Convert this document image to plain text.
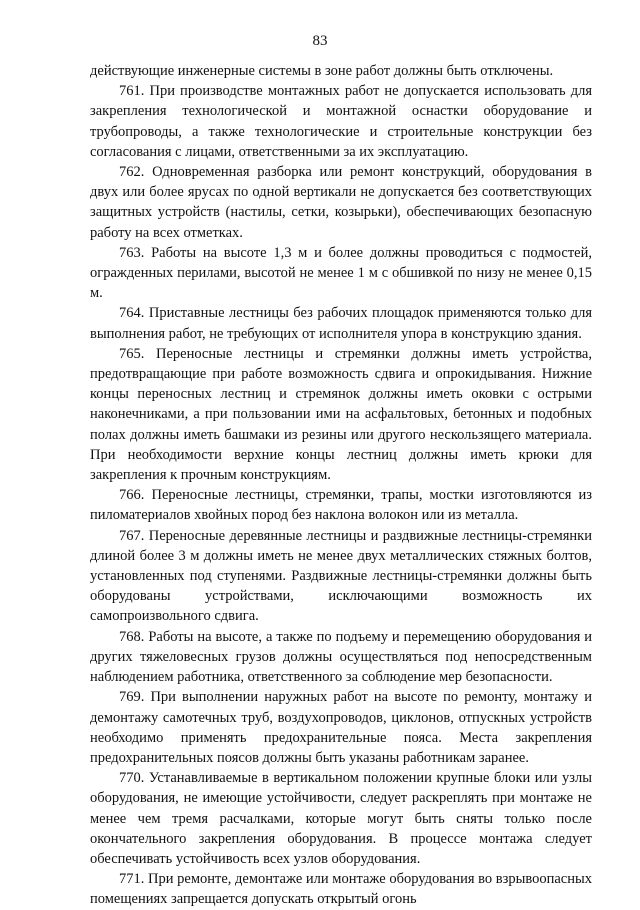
83

действующие инженерные системы в зоне работ должны быть отключены.

761. При производстве монтажных работ не допускается использовать для закрепления технологической и монтажной оснастки оборудование и трубопроводы, а также технологические и строительные конструкции без согласования с лицами, ответственными за их эксплуатацию.

762. Одновременная разборка или ремонт конструкций, оборудования в двух или более ярусах по одной вертикали не допускается без соответствующих защитных устройств (настилы, сетки, козырьки), обеспечивающих безопасную работу на всех отметках.

763. Работы на высоте 1,3 м и более должны проводиться с подмостей, огражденных перилами, высотой не менее 1 м с обшивкой по низу не менее 0,15 м.

764. Приставные лестницы без рабочих площадок применяются только для выполнения работ, не требующих от исполнителя упора в конструкцию здания.

765. Переносные лестницы и стремянки должны иметь устройства, предотвращающие при работе возможность сдвига и опрокидывания. Нижние концы переносных лестниц и стремянок должны иметь оковки с острыми наконечниками, а при пользовании ими на асфальтовых, бетонных и подобных полах должны иметь башмаки из резины или другого нескользящего материала. При необходимости верхние концы лестниц должны иметь крюки для закрепления к прочным конструкциям.

766. Переносные лестницы, стремянки, трапы, мостки изготовляются из пиломатериалов хвойных пород без наклона волокон или из металла.

767. Переносные деревянные лестницы и раздвижные лестницы-стремянки длиной более 3 м должны иметь не менее двух металлических стяжных болтов, установленных под ступенями. Раздвижные лестницы-стремянки должны быть оборудованы устройствами, исключающими возможность их самопроизвольного сдвига.

768. Работы на высоте, а также по подъему и перемещению оборудования и других тяжеловесных грузов должны осуществляться под непосредственным наблюдением работника, ответственного за соблюдение мер безопасности.

769. При выполнении наружных работ на высоте по ремонту, монтажу и демонтажу самотечных труб, воздухопроводов, циклонов, отпускных устройств необходимо применять предохранительные пояса. Места закрепления предохранительных поясов должны быть указаны работникам заранее.

770. Устанавливаемые в вертикальном положении крупные блоки или узлы оборудования, не имеющие устойчивости, следует раскреплять при монтаже не менее чем тремя расчалками, которые могут быть сняты только после окончательного закрепления оборудования. В процессе монтажа следует обеспечивать устойчивость всех узлов оборудования.

771. При ремонте, демонтаже или монтаже оборудования во взрывоопасных помещениях запрещается допускать открытый огонь
